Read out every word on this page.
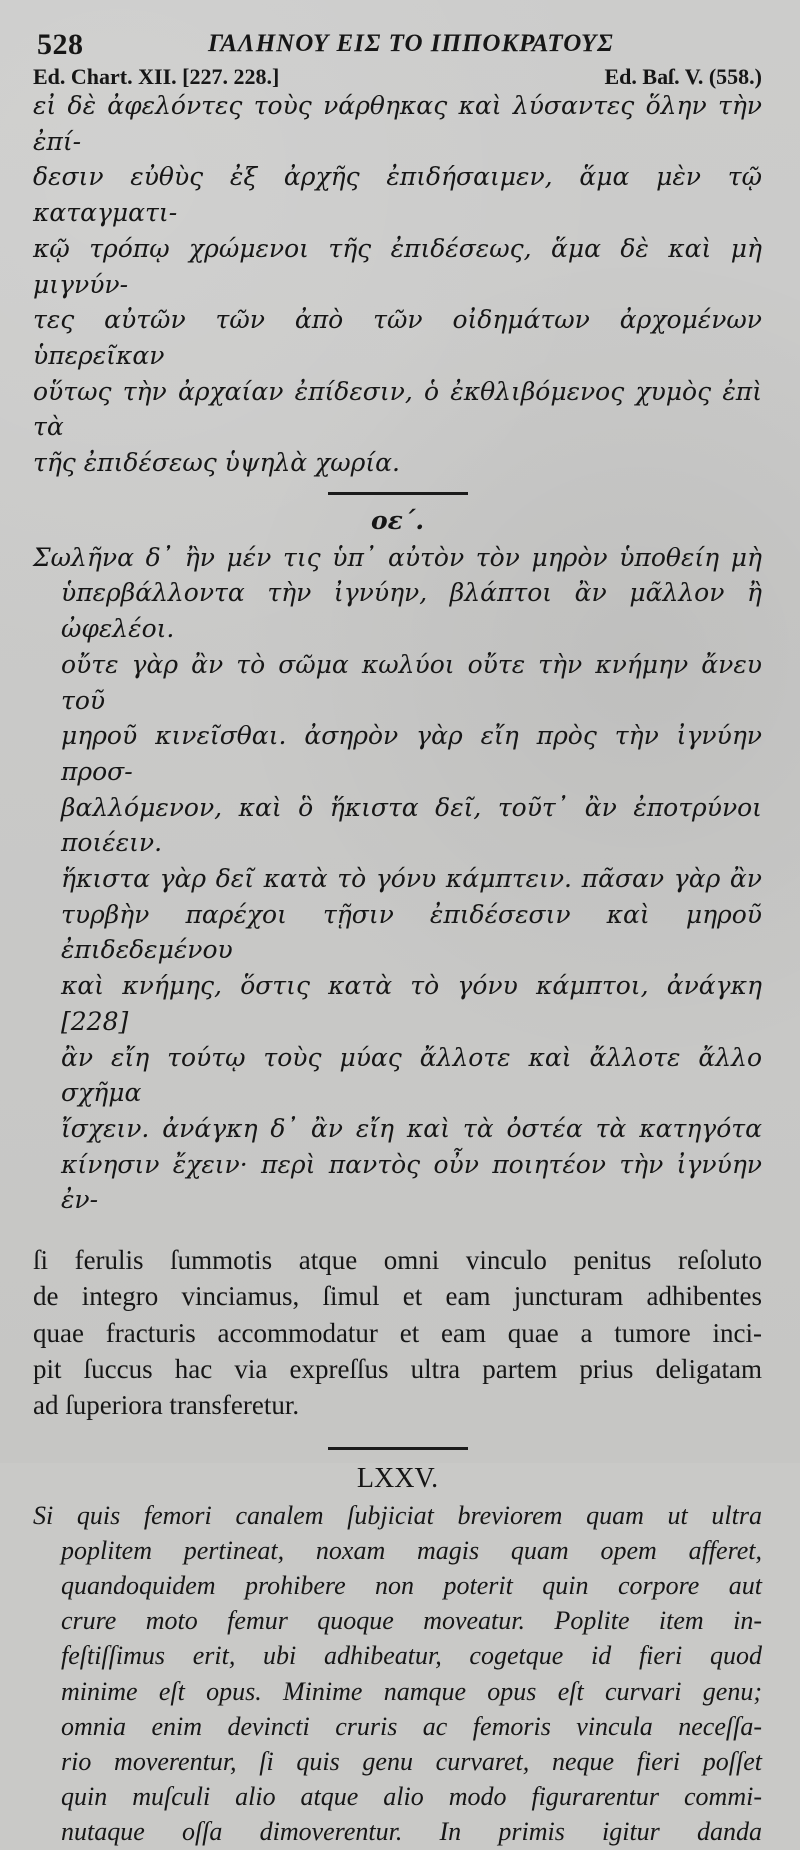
528	ΓΑΛΗΝΟΥ ΕΙΣ ΤΟ ΙΠΠΟΚΡΑΤΟΥΣ
Ed. Chart. XII. [227. 228.]	Ed. Baſ. V. (558.)
εἰ δὲ ἀφελόντες τοὺς νάρθηκας καὶ λύσαντες ὅλην τὴν ἐπί-
δεσιν εὐθὺς ἐξ ἀρχῆς ἐπιδήσαιμεν, ἅμα μὲν τῷ καταγματι-
κῷ τρόπῳ χρώμενοι τῆς ἐπιδέσεως, ἅμα δὲ καὶ μὴ μιγνύν-
τες αὐτῶν τῶν ἀπὸ τῶν οἰδημάτων ἀρχομένων ὑπερεῖκαν
οὕτως τὴν ἀρχαίαν ἐπίδεσιν, ὁ ἐκθλιβόμενος χυμὸς ἐπὶ τὰ
τῆς ἐπιδέσεως ὑψηλὰ χωρία.
οε΄.
Σωλῆνα δ᾽ ἢν μέν τις ὑπ᾽ αὐτὸν τὸν μηρὸν ὑποθείη μὴ
ὑπερβάλλοντα τὴν ἰγνύην, βλάπτοι ἂν μᾶλλον ἢ ὠφελέοι.
οὔτε γὰρ ἂν τὸ σῶμα κωλύοι οὔτε τὴν κνήμην ἄνευ τοῦ
μηροῦ κινεῖσθαι. ἀσηρὸν γὰρ εἴη πρὸς τὴν ἰγνύην προσ-
βαλλόμενον, καὶ ὃ ἥκιστα δεῖ, τοῦτ᾽ ἂν ἐποτρύνοι ποιέειν.
ἥκιστα γὰρ δεῖ κατὰ τὸ γόνυ κάμπτειν. πᾶσαν γὰρ ἂν
τυρβὴν παρέχοι τῇσιν ἐπιδέσεσιν καὶ μηροῦ ἐπιδεδεμένου
καὶ κνήμης, ὅστις κατὰ τὸ γόνυ κάμπτοι, ἀνάγκη [228]
ἂν εἴη τούτῳ τοὺς μύας ἄλλοτε καὶ ἄλλοτε ἄλλο σχῆμα
ἴσχειν. ἀνάγκη δ᾽ ἂν εἴη καὶ τὰ ὀστέα τὰ κατηγότα
κίνησιν ἔχειν· περὶ παντὸς οὖν ποιητέον τὴν ἰγνύην ἐν-
ſi ferulis ſummotis atque omni vinculo penitus reſoluto
de integro vinciamus, ſimul et eam juncturam adhibentes
quae fracturis accommodatur et eam quae a tumore inci-
pit ſuccus hac via expreſſus ultra partem prius deligatam
ad ſuperiora transferetur.
LXXV.
Si quis femori canalem ſubjiciat breviorem quam ut ultra
poplitem pertineat, noxam magis quam opem afferet,
quandoquidem prohibere non poterit quin corpore aut
crure moto femur quoque moveatur. Poplite item in-
feſtiſſimus erit, ubi adhibeatur, cogetque id fieri quod
minime eſt opus. Minime namque opus eſt curvari genu;
omnia enim devincti cruris ac femoris vincula neceſſa-
rio moverentur, ſi quis genu curvaret, neque fieri poſſet
quin muſculi alio atque alio modo figurarentur commi-
nutaque oſſa dimoverentur. In primis igitur danda
